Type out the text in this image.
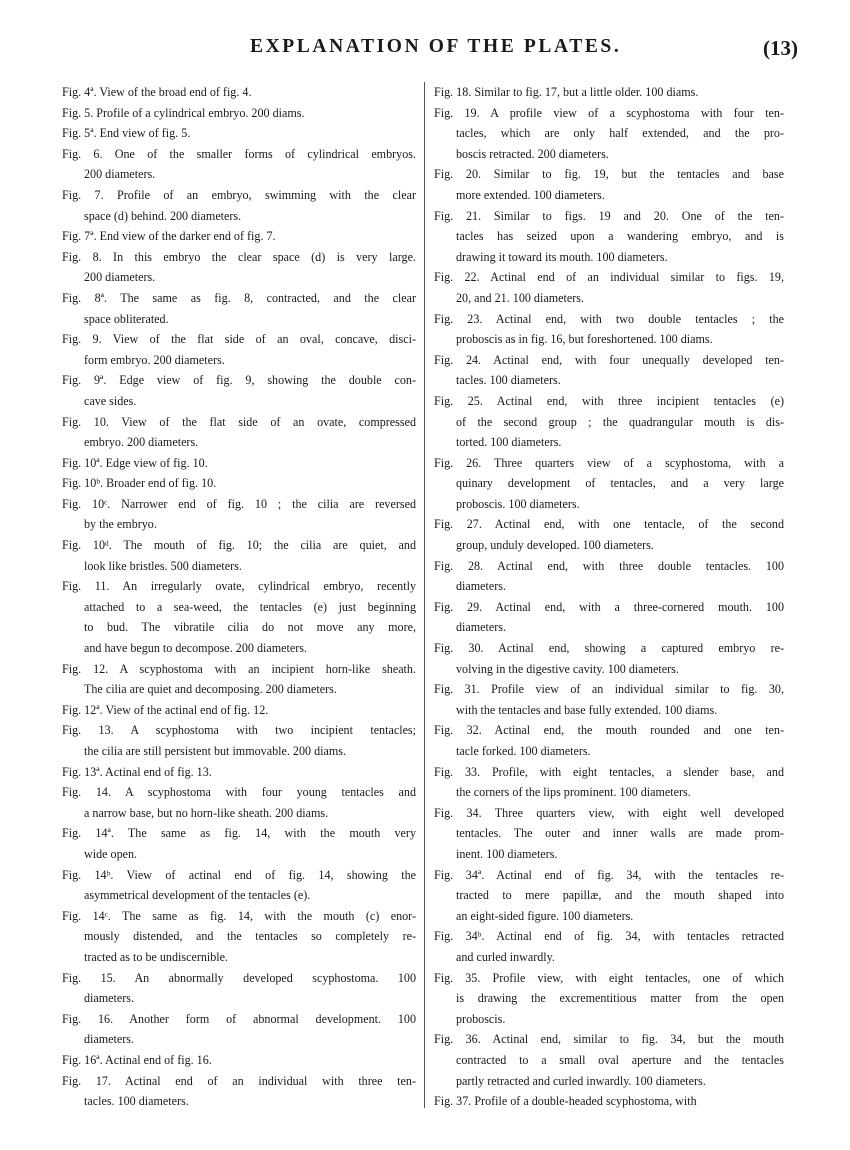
EXPLANATION OF THE PLATES.	(13)
Fig. 4ª. View of the broad end of fig. 4.
Fig. 5. Profile of a cylindrical embryo. 200 diams.
Fig. 5ª. End view of fig. 5.
Fig. 6. One of the smaller forms of cylindrical embryos.
200 diameters.
Fig. 7. Profile of an embryo, swimming with the clear
space (d) behind. 200 diameters.
Fig. 7ª. End view of the darker end of fig. 7.
Fig. 8. In this embryo the clear space (d) is very large.
200 diameters.
Fig. 8ª. The same as fig. 8, contracted, and the clear
space obliterated.
Fig. 9. View of the flat side of an oval, concave, disci-
form embryo. 200 diameters.
Fig. 9ª. Edge view of fig. 9, showing the double con-
cave sides.
Fig. 10. View of the flat side of an ovate, compressed
embryo. 200 diameters.
Fig. 10ª. Edge view of fig. 10.
Fig. 10ᵇ. Broader end of fig. 10.
Fig. 10ᶜ. Narrower end of fig. 10 ; the cilia are reversed
by the embryo.
Fig. 10ᵈ. The mouth of fig. 10; the cilia are quiet, and
look like bristles. 500 diameters.
Fig. 11. An irregularly ovate, cylindrical embryo, recently
attached to a sea-weed, the tentacles (e) just beginning
to bud. The vibratile cilia do not move any more,
and have begun to decompose. 200 diameters.
Fig. 12. A scyphostoma with an incipient horn-like sheath.
The cilia are quiet and decomposing. 200 diameters.
Fig. 12ª. View of the actinal end of fig. 12.
Fig. 13. A scyphostoma with two incipient tentacles;
the cilia are still persistent but immovable. 200 diams.
Fig. 13ª. Actinal end of fig. 13.
Fig. 14. A scyphostoma with four young tentacles and
a narrow base, but no horn-like sheath. 200 diams.
Fig. 14ª. The same as fig. 14, with the mouth very
wide open.
Fig. 14ᵇ. View of actinal end of fig. 14, showing the
asymmetrical development of the tentacles (e).
Fig. 14ᶜ. The same as fig. 14, with the mouth (c) enor-
mously distended, and the tentacles so completely re-
tracted as to be undiscernible.
Fig. 15. An abnormally developed scyphostoma. 100
diameters.
Fig. 16. Another form of abnormal development. 100
diameters.
Fig. 16ª. Actinal end of fig. 16.
Fig. 17. Actinal end of an individual with three ten-
tacles. 100 diameters.
Fig. 18. Similar to fig. 17, but a little older. 100 diams.
Fig. 19. A profile view of a scyphostoma with four ten-
tacles, which are only half extended, and the pro-
boscis retracted. 200 diameters.
Fig. 20. Similar to fig. 19, but the tentacles and base
more extended. 100 diameters.
Fig. 21. Similar to figs. 19 and 20. One of the ten-
tacles has seized upon a wandering embryo, and is
drawing it toward its mouth. 100 diameters.
Fig. 22. Actinal end of an individual similar to figs. 19,
20, and 21. 100 diameters.
Fig. 23. Actinal end, with two double tentacles ; the
proboscis as in fig. 16, but foreshortened. 100 diams.
Fig. 24. Actinal end, with four unequally developed ten-
tacles. 100 diameters.
Fig. 25. Actinal end, with three incipient tentacles (e)
of the second group ; the quadrangular mouth is dis-
torted. 100 diameters.
Fig. 26. Three quarters view of a scyphostoma, with a
quinary development of tentacles, and a very large
proboscis. 100 diameters.
Fig. 27. Actinal end, with one tentacle, of the second
group, unduly developed. 100 diameters.
Fig. 28. Actinal end, with three double tentacles. 100
diameters.
Fig. 29. Actinal end, with a three-cornered mouth. 100
diameters.
Fig. 30. Actinal end, showing a captured embryo re-
volving in the digestive cavity. 100 diameters.
Fig. 31. Profile view of an individual similar to fig. 30,
with the tentacles and base fully extended. 100 diams.
Fig. 32. Actinal end, the mouth rounded and one ten-
tacle forked. 100 diameters.
Fig. 33. Profile, with eight tentacles, a slender base, and
the corners of the lips prominent. 100 diameters.
Fig. 34. Three quarters view, with eight well developed
tentacles. The outer and inner walls are made prom-
inent. 100 diameters.
Fig. 34ª. Actinal end of fig. 34, with the tentacles re-
tracted to mere papillæ, and the mouth shaped into
an eight-sided figure. 100 diameters.
Fig. 34ᵇ. Actinal end of fig. 34, with tentacles retracted
and curled inwardly.
Fig. 35. Profile view, with eight tentacles, one of which
is drawing the excrementitious matter from the open
proboscis.
Fig. 36. Actinal end, similar to fig. 34, but the mouth
contracted to a small oval aperture and the tentacles
partly retracted and curled inwardly. 100 diameters.
Fig. 37. Profile of a double-headed scyphostoma, with
